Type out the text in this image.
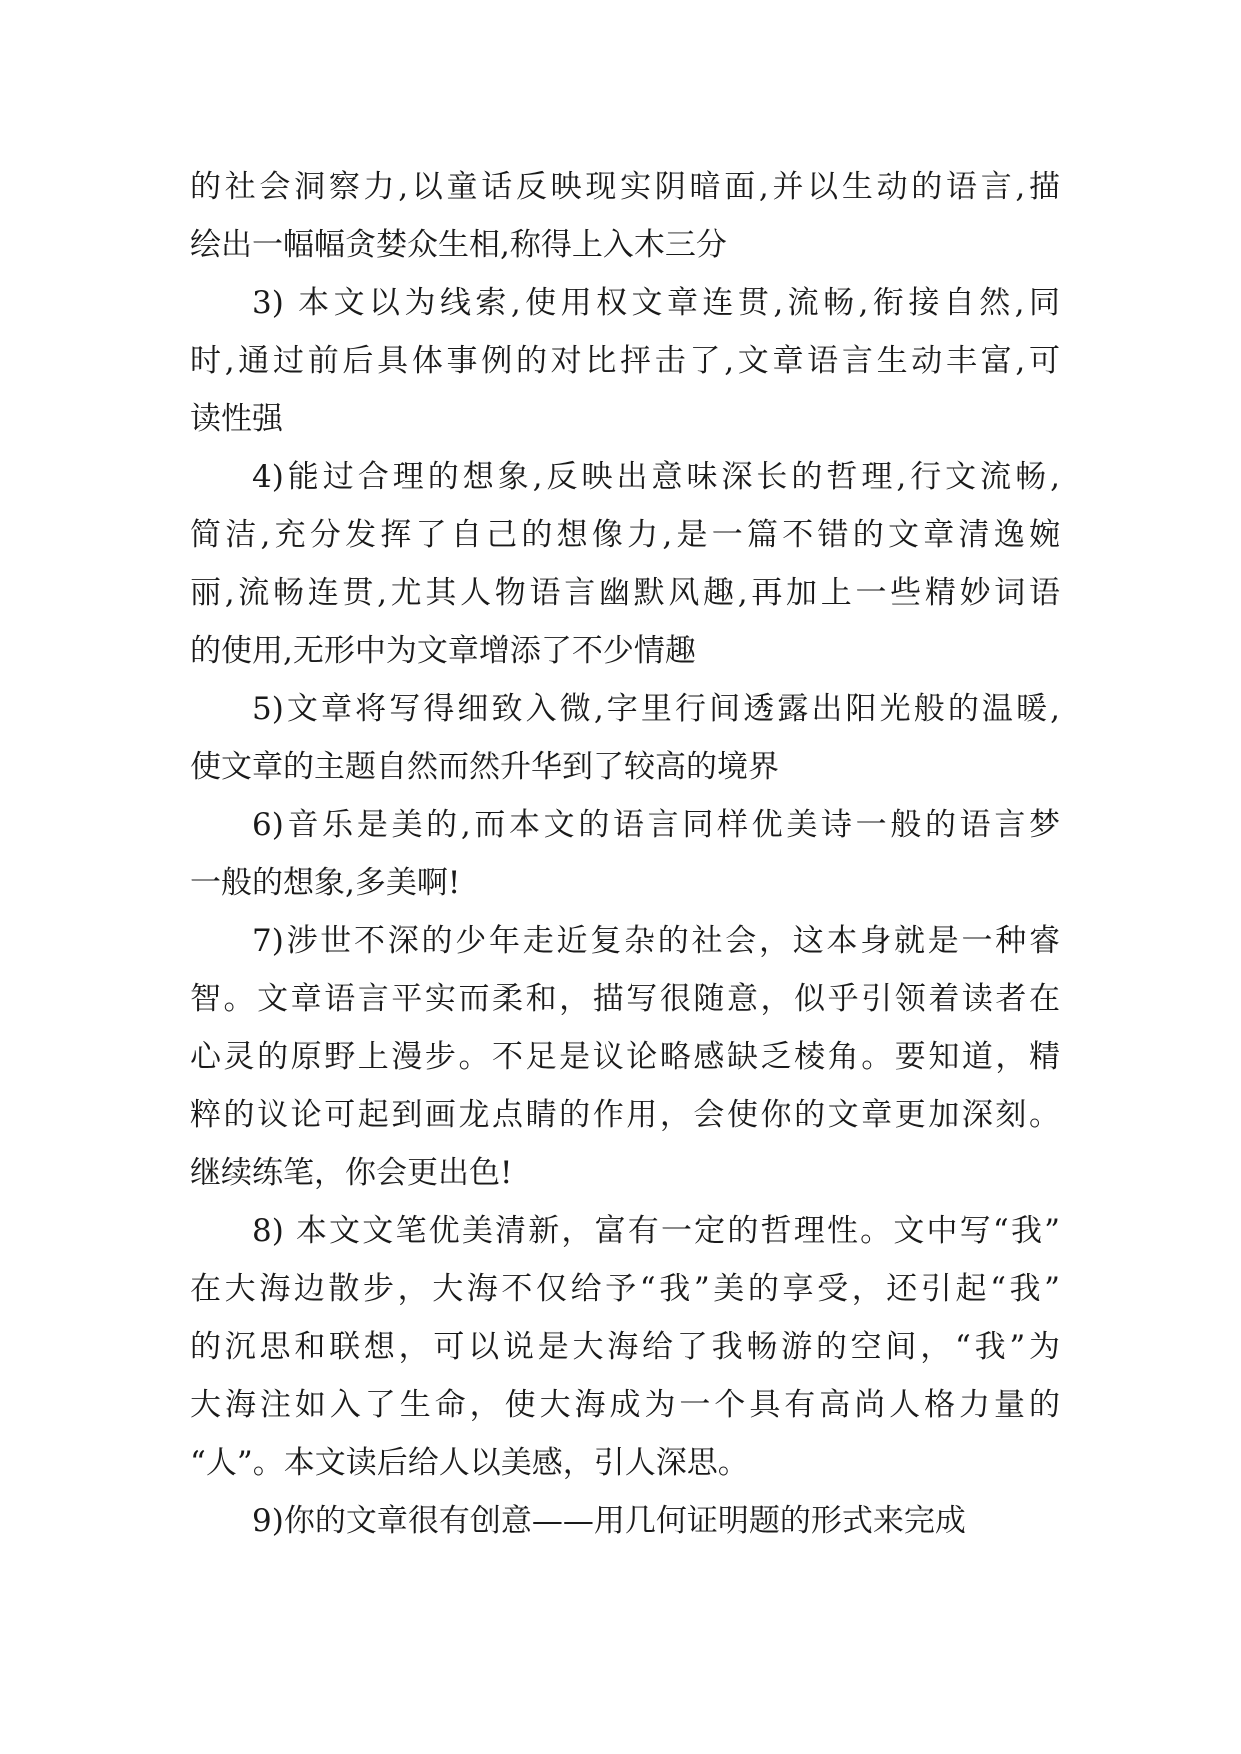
的社会洞察力,以童话反映现实阴暗面,并以生动的语言,描
绘出一幅幅贪婪众生相,称得上入木三分
3) 本文以为线索,使用权文章连贯,流畅,衔接自然,同
时,通过前后具体事例的对比抨击了,文章语言生动丰富,可
读性强
4)能过合理的想象,反映出意味深长的哲理,行文流畅,
简洁,充分发挥了自己的想像力,是一篇不错的文章清逸婉
丽,流畅连贯,尤其人物语言幽默风趣,再加上一些精妙词语
的使用,无形中为文章增添了不少情趣
5)文章将写得细致入微,字里行间透露出阳光般的温暖,
使文章的主题自然而然升华到了较高的境界
6)音乐是美的,而本文的语言同样优美诗一般的语言梦
一般的想象,多美啊!
7)涉世不深的少年走近复杂的社会，这本身就是一种睿
智。文章语言平实而柔和，描写很随意，似乎引领着读者在
心灵的原野上漫步。不足是议论略感缺乏棱角。要知道，精
粹的议论可起到画龙点睛的作用，会使你的文章更加深刻。
继续练笔，你会更出色!
8) 本文文笔优美清新，富有一定的哲理性。文中写“我”
在大海边散步，大海不仅给予“我”美的享受，还引起“我”
的沉思和联想，可以说是大海给了我畅游的空间，“我”为
大海注如入了生命，使大海成为一个具有高尚人格力量的
“人”。本文读后给人以美感，引人深思。
9)你的文章很有创意——用几何证明题的形式来完成
